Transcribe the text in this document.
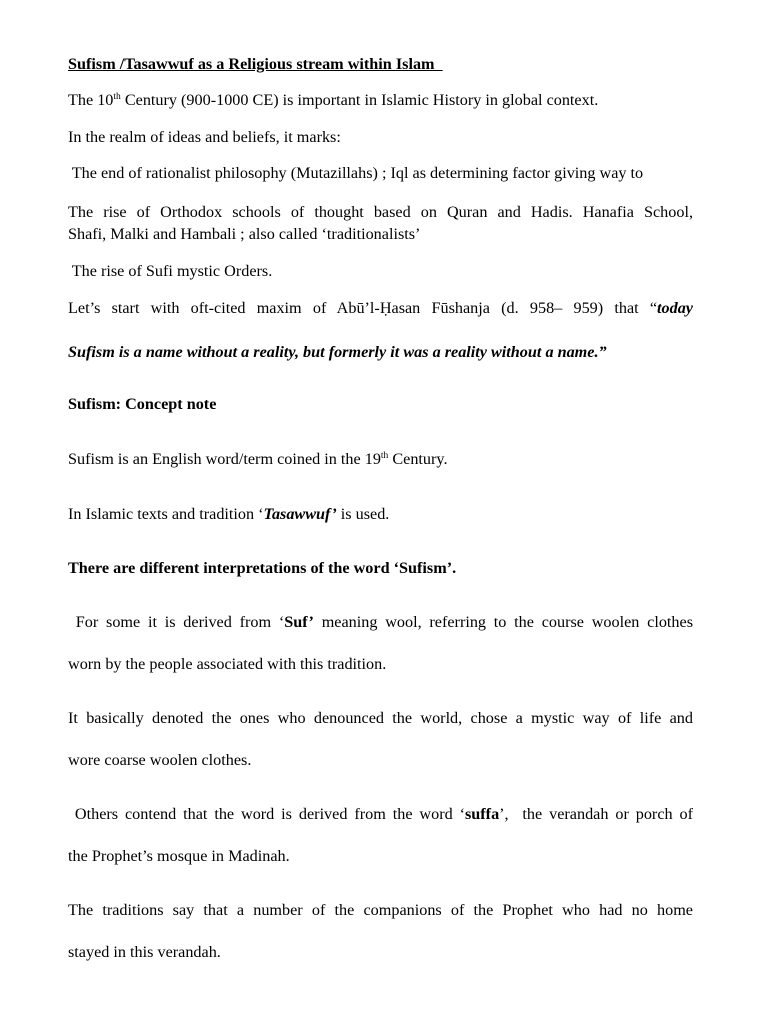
Sufism /Tasawwuf as a Religious stream within Islam
The 10th Century (900-1000 CE) is important in Islamic History in global context.
In the realm of ideas and beliefs, it marks:
The end of rationalist philosophy (Mutazillahs) ; Iql as determining factor giving way to
The rise of Orthodox schools of thought based on Quran and Hadis. Hanafia School,
Shafi, Malki and Hambali ; also called ‘traditionalists’
The rise of Sufi mystic Orders.
Let’s start with oft-cited maxim of Abū’l-Ḥasan Fūshanja (d. 958– 959) that “today
Sufism is a name without a reality, but formerly it was a reality without a name.”
Sufism: Concept note
Sufism is an English word/term coined in the 19th Century.
In Islamic texts and tradition ‘Tasawwuf’ is used.
There are different interpretations of the word ‘Sufism’.
For some it is derived from ‘Suf’ meaning wool, referring to the course woolen clothes
worn by the people associated with this tradition.
It basically denoted the ones who denounced the world, chose a mystic way of life and
wore coarse woolen clothes.
Others contend that the word is derived from the word ‘suffa’,  the verandah or porch of
the Prophet’s mosque in Madinah.
The traditions say that a number of the companions of the Prophet who had no home
stayed in this verandah.
